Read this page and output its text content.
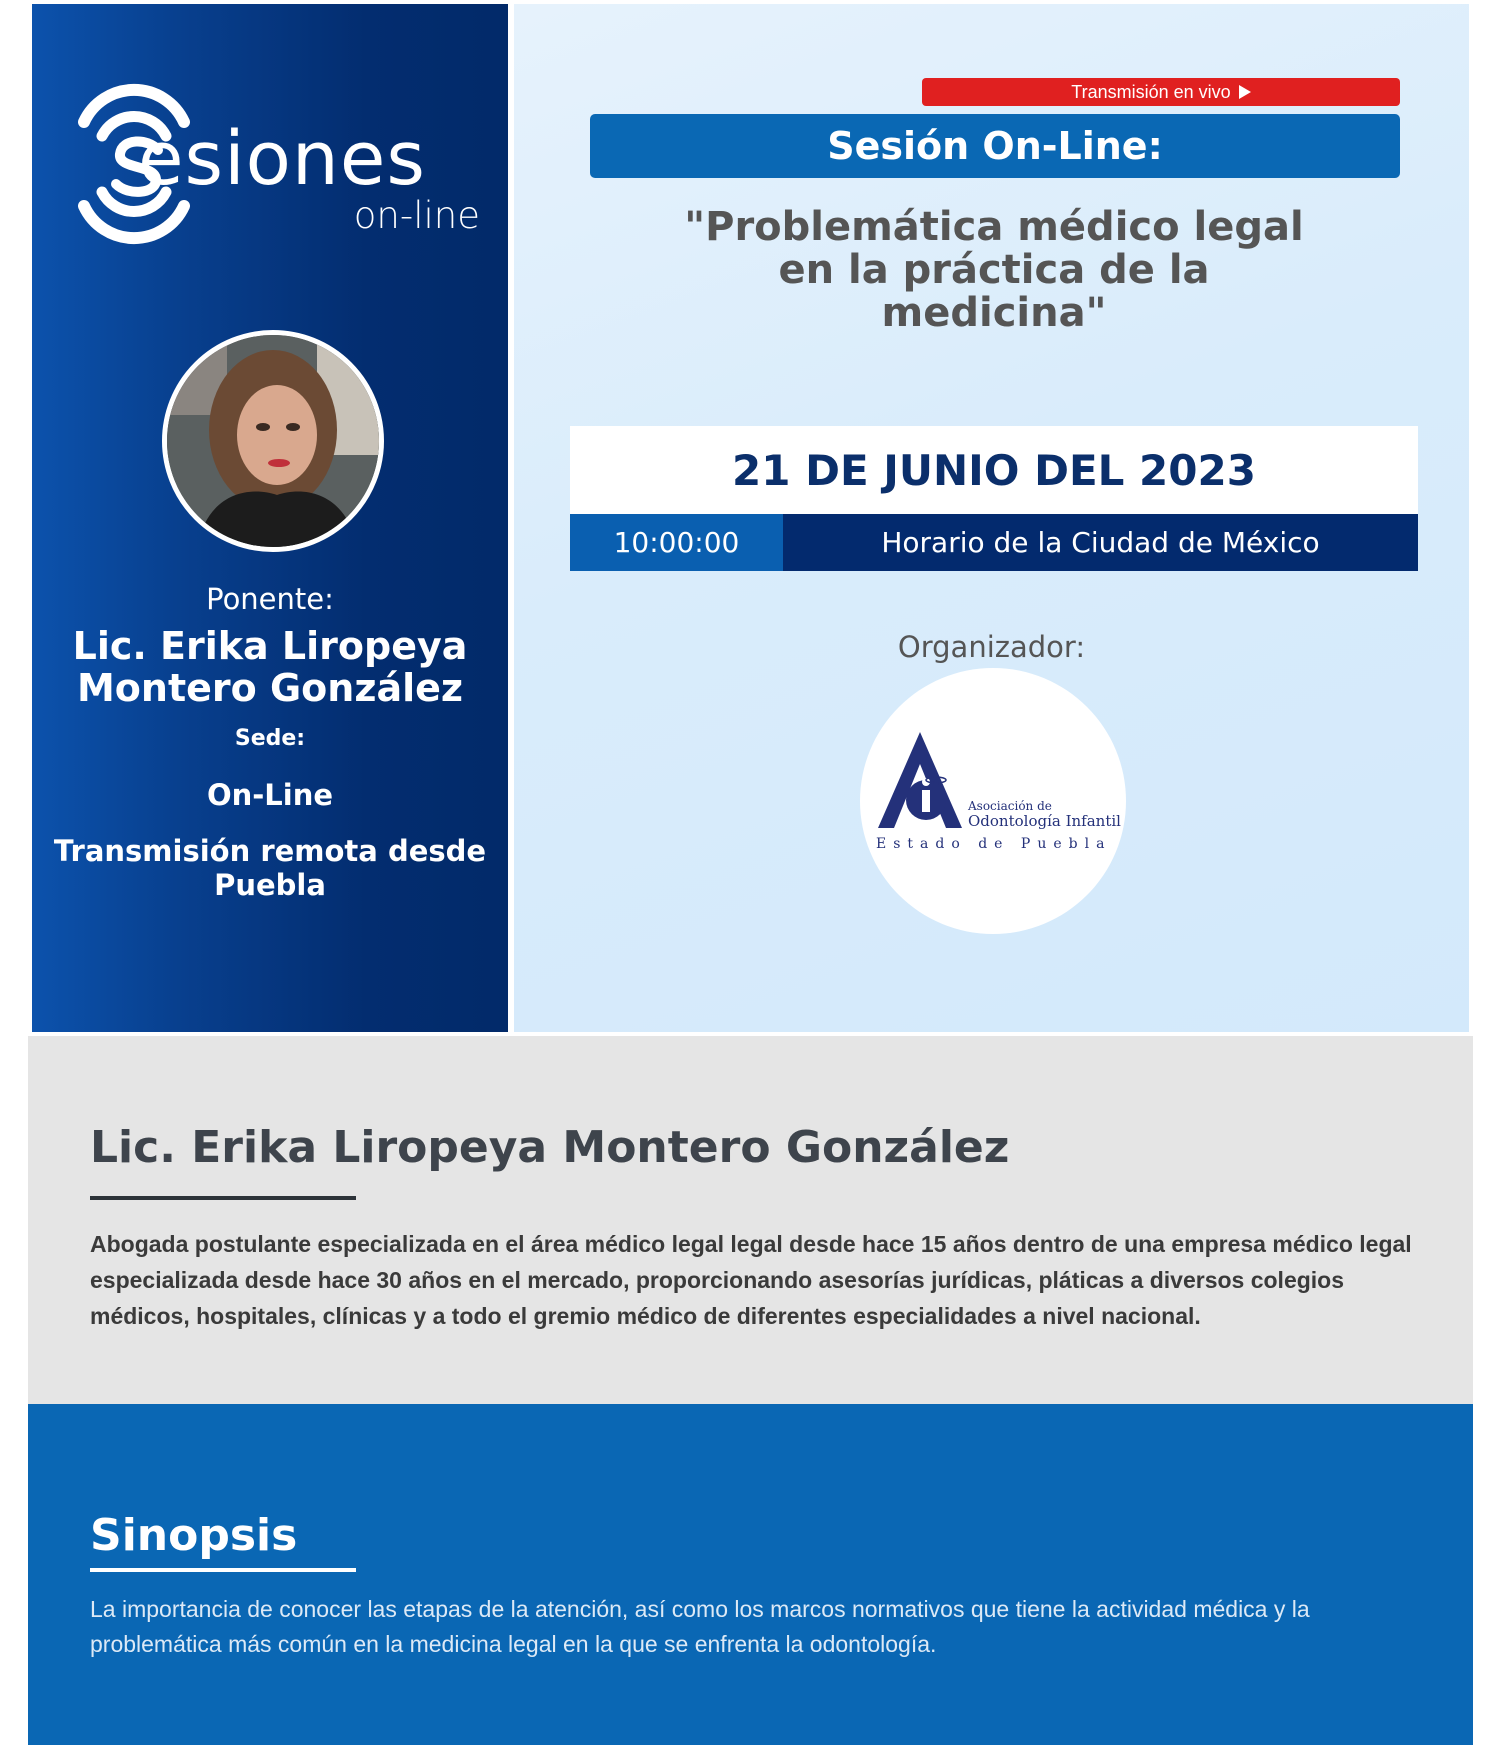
esiones
on-line
Ponente:
Lic. Erika Liropeya Montero González
Sede:
On-Line
Transmisión remota desde Puebla
Transmisión en vivo
Sesión On-Line:
"Problemática médico legal en la práctica de la medicina"
21 DE JUNIO DEL 2023
10:00:00	Horario de la Ciudad de México
Organizador:
Asociación de
Odontología Infantil
Estado de Puebla
Lic. Erika Liropeya Montero González
Abogada postulante especializada en el área médico legal legal desde hace 15 años dentro de una empresa médico legal especializada desde hace 30 años en el mercado, proporcionando asesorías jurídicas, pláticas a diversos colegios médicos, hospitales, clínicas y a todo el gremio médico de diferentes especialidades a nivel nacional.
Sinopsis
La importancia de conocer las etapas de la atención, así como los marcos normativos que tiene la actividad médica y la problemática más común en la medicina legal en la que se enfrenta la odontología.
